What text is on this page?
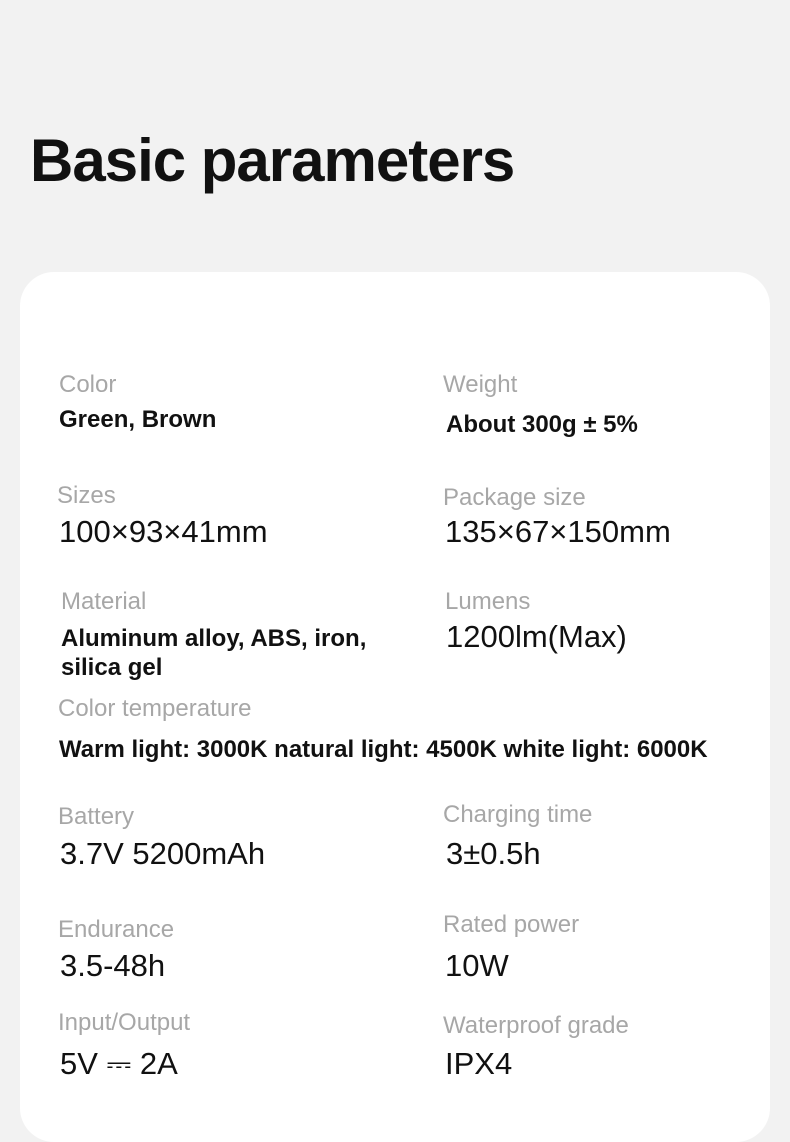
Basic parameters
Color
Green, Brown
Weight
About 300g ± 5%
Sizes
100×93×41mm
Package size
135×67×150mm
Material
Aluminum alloy, ABS, iron, silica gel
Lumens
1200lm(Max)
Color temperature
Warm light: 3000K natural light: 4500K white light: 6000K
Battery
3.7V 5200mAh
Charging time
3±0.5h
Endurance
3.5-48h
Rated power
10W
Input/Output
5V ⎓ 2A
Waterproof grade
IPX4
